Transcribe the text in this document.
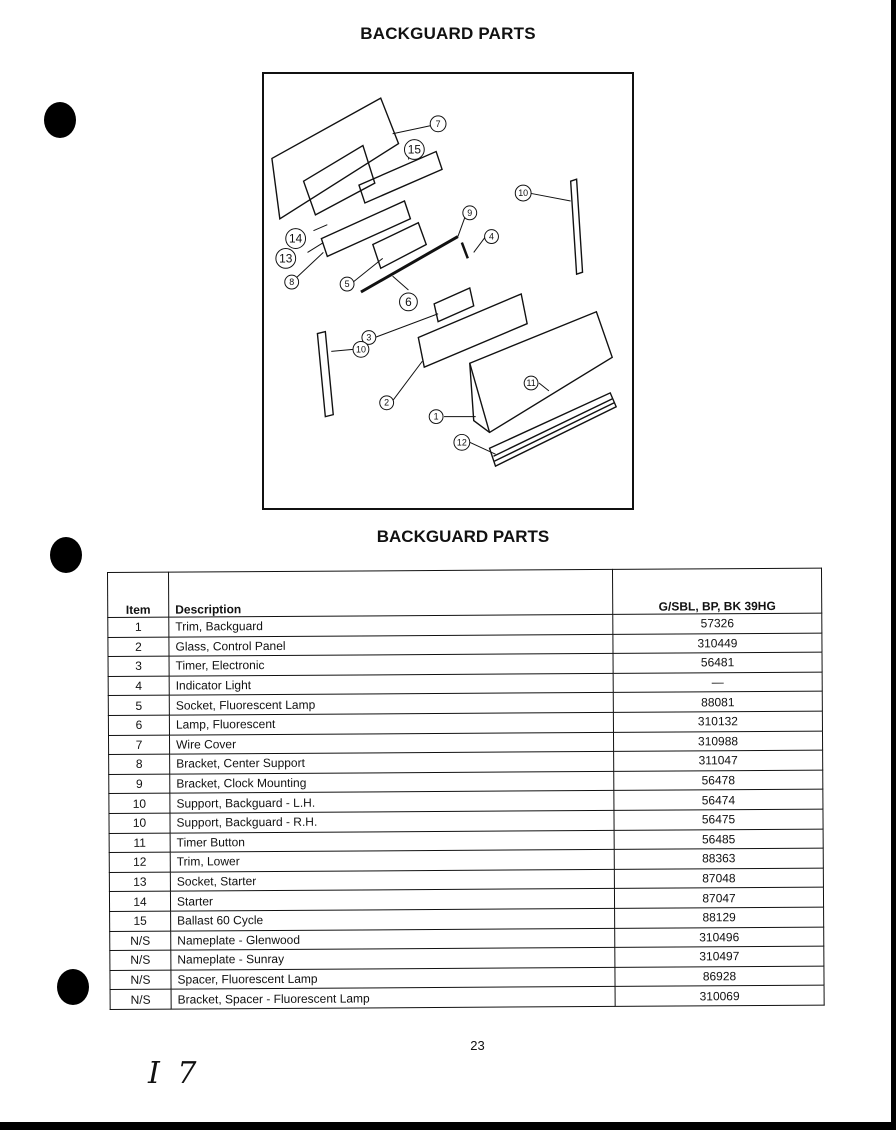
BACKGUARD PARTS
7
15
14
13
8	5
6
9
4
10
3
10
2
1
11
12
BACKGUARD PARTS
Item	Description	G/SBL, BP, BK 39HG
1	Trim, Backguard	57326
2	Glass, Control Panel	310449
3	Timer, Electronic	56481
4	Indicator Light	—
5	Socket, Fluorescent Lamp	88081
6	Lamp, Fluorescent	310132
7	Wire Cover	310988
8	Bracket, Center Support	311047
9	Bracket, Clock Mounting	56478
10	Support, Backguard - L.H.	56474
10	Support, Backguard - R.H.	56475
11	Timer Button	56485
12	Trim, Lower	88363
13	Socket, Starter	87048
14	Starter	87047
15	Ballast 60 Cycle	88129
N/S	Nameplate - Glenwood	310496
N/S	Nameplate - Sunray	310497
N/S	Spacer, Fluorescent Lamp	86928
N/S	Bracket, Spacer - Fluorescent Lamp	310069
23
I 7
